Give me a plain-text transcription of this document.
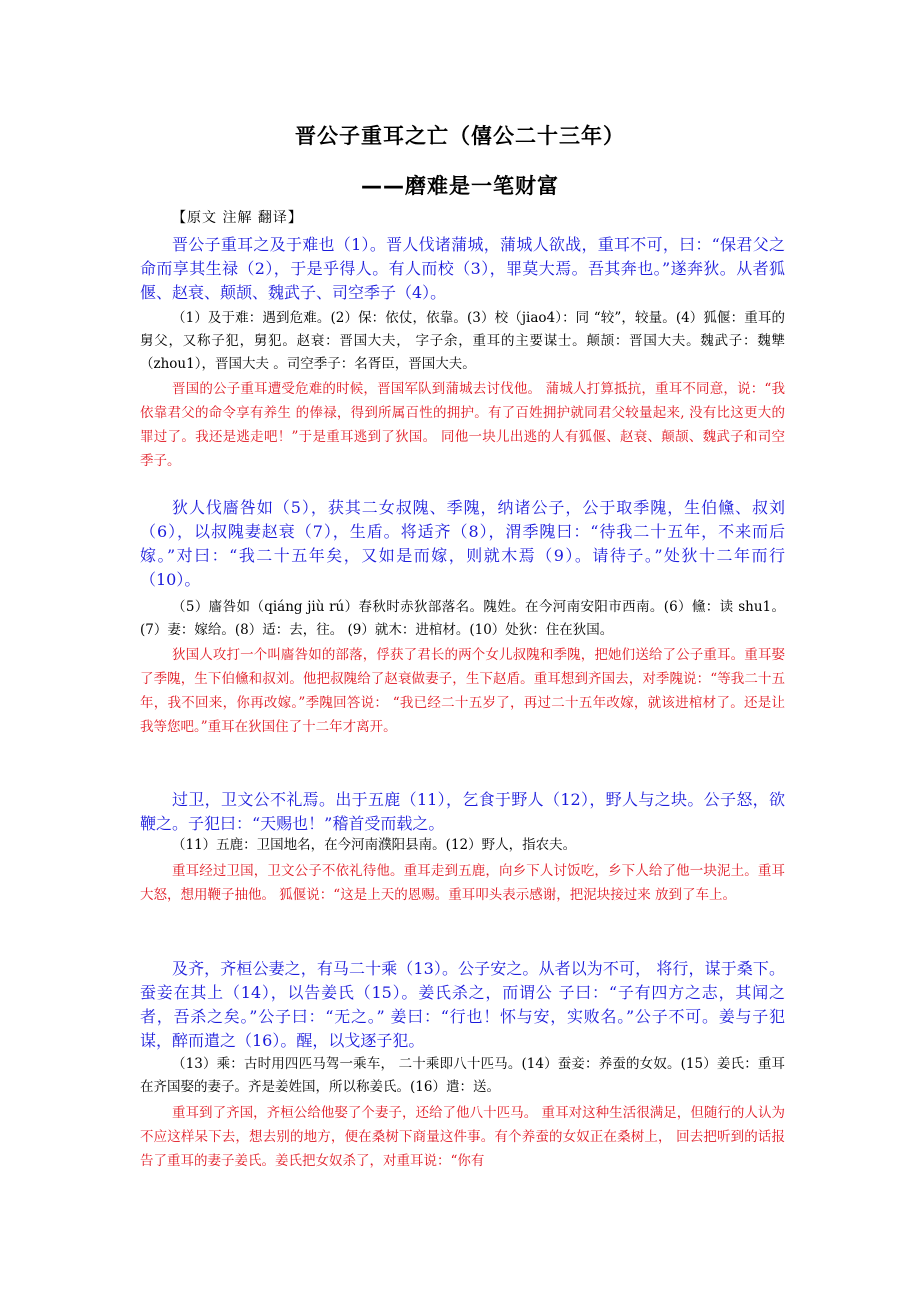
晋公子重耳之亡（僖公二十三年）
——磨难是一笔财富
【原文 注解 翻译】

晋公子重耳之及于难也（1）。晋人伐诸蒲城，蒲城人欲战，重耳不可，曰：“保君父之命而享其生禄（2），于是乎得人。有人而校（3），罪莫大焉。吾其奔也。”遂奔狄。从者狐偃、赵衰、颠颉、魏武子、司空季子（4）。

（1）及于难：遇到危难。(2）保：依仗，依靠。(3）校（jiao4）：同 “较”，较量。(4）狐偃：重耳的舅父，又称子犯，舅犯。赵衰：晋国大夫， 字子余，重耳的主要谋士。颠颉：晋国大夫。魏武子：魏犨（zhou1），晋国大夫 。司空季子：名胥臣，晋国大夫。

晋国的公子重耳遭受危难的时候，晋国军队到蒲城去讨伐他。 蒲城人打算抵抗，重耳不同意，说：“我依靠君父的命令享有养生 的俸禄，得到所属百性的拥护。有了百姓拥护就同君父较量起来, 没有比这更大的罪过了。我还是逃走吧！”于是重耳逃到了狄国。 同他一块儿出逃的人有狐偃、赵衰、颠颉、魏武子和司空季子。

狄人伐廧咎如（5），获其二女叔隗、季隗，纳诸公子，公于取季隗，生伯儵、叔刘（6），以叔隗妻赵衰（7），生盾。将适齐（8），渭季隗曰：“待我二十五年，不来而后嫁。”对曰：“我二十五年矣，又如是而嫁，则就木焉（9）。请待子。”处狄十二年而行（10）。

（5）廧咎如（qiáng jiù rú）春秋时赤狄部落名。隗姓。在今河南安阳市西南。(6）儵：读 shu1。(7）妻：嫁给。(8）适：去，往。 (9）就木：进棺材。(10）处狄：住在狄国。

狄国人攻打一个叫廧咎如的部落，俘获了君长的两个女儿叔隗和季隗，把她们送给了公子重耳。重耳娶了季隗，生下伯儵和叔刘。他把叔隗给了赵衰做妻子，生下赵盾。重耳想到齐国去，对季隗说：“等我二十五年，我不回来，你再改嫁。”季隗回答说： “我已经二十五岁了，再过二十五年改嫁，就该进棺材了。还是让 我等您吧。”重耳在狄国住了十二年才离开。

过卫，卫文公不礼焉。出于五鹿（11），乞食于野人（12），野人与之块。公子怒，欲鞭之。子犯曰：“天赐也！”稽首受而载之。

（11）五鹿：卫国地名，在今河南濮阳县南。(12）野人，指农夫。

重耳经过卫国，卫文公子不依礼待他。重耳走到五鹿，向乡下人讨饭吃，乡下人给了他一块泥土。重耳大怒，想用鞭子抽他。 狐偃说：“这是上天的恩赐。重耳叩头表示感谢，把泥块接过来 放到了车上。

及齐，齐桓公妻之，有马二十乘（13）。公子安之。从者以为不可， 将行，谋于桑下。蚕妾在其上（14），以告姜氏（15）。姜氏杀之，而谓公 子曰：“子有四方之志，其闻之者，吾杀之矣。”公子曰：“无之。” 姜曰：“行也！怀与安，实败名。”公子不可。姜与子犯谋，醉而遣之（16）。醒，以戈逐子犯。

（13）乘：古时用四匹马驾一乘车， 二十乘即八十匹马。(14）蚕妾：养蚕的女奴。(15）姜氏：重耳在齐国娶的妻子。齐是姜姓国，所以称姜氏。(16）遣：送。

重耳到了齐国，齐桓公给他娶了个妻子，还给了他八十匹马。 重耳对这种生活很满足，但随行的人认为不应这样呆下去，想去别的地方，便在桑树下商量这件事。有个养蚕的女奴正在桑树上， 回去把听到的话报告了重耳的妻子姜氏。姜氏把女奴杀了，对重耳说：“你有
